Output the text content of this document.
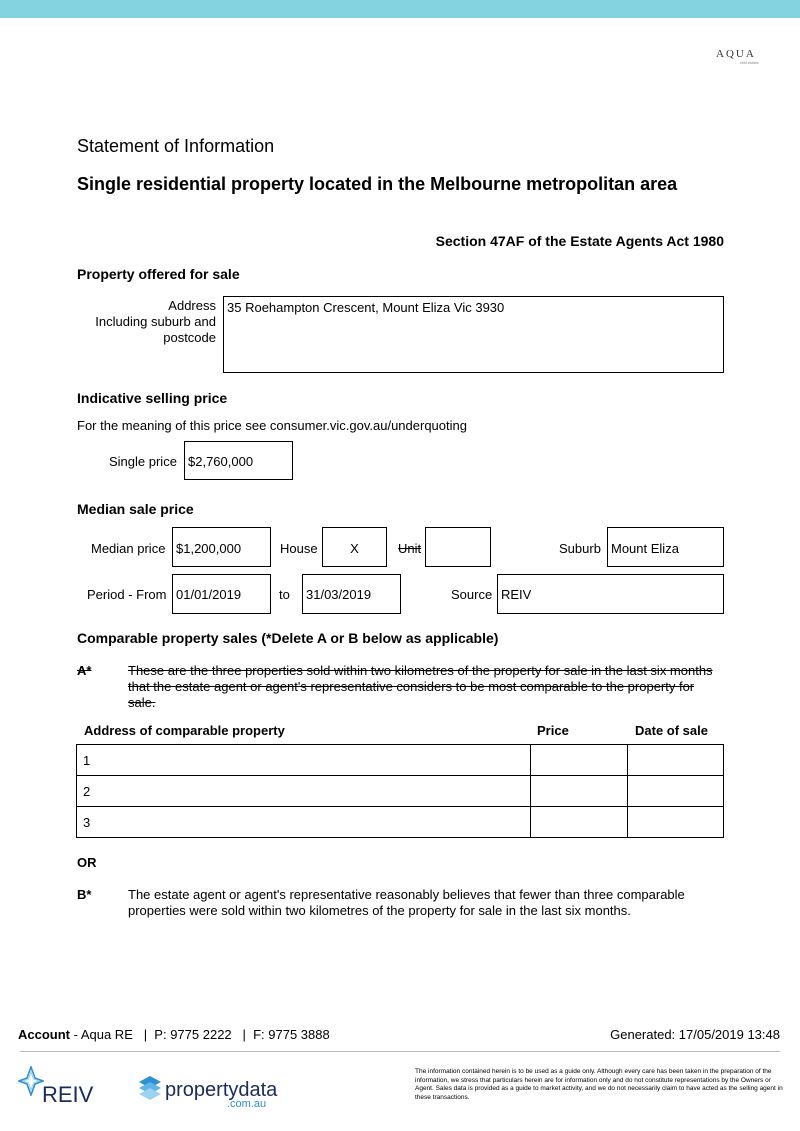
AQUA
real estate
Statement of Information
Single residential property located in the Melbourne metropolitan area
Section 47AF of the Estate Agents Act 1980
Property offered for sale
Address
Including suburb and
postcode
35 Roehampton Crescent, Mount Eliza Vic 3930
Indicative selling price
For the meaning of this price see consumer.vic.gov.au/underquoting
Single price $2,760,000
Median sale price
Median price $1,200,000	House	X	Unit	Suburb Mount Eliza
Period - From 01/01/2019	to	31/03/2019	Source REIV
Comparable property sales (*Delete A or B below as applicable)
A*	These are the three properties sold within two kilometres of the property for sale in the last six months that the estate agent or agent's representative considers to be most comparable to the property for sale.
Address of comparable property	Price	Date of sale
1		
2		
3		
OR
B*	The estate agent or agent's representative reasonably believes that fewer than three comparable properties were sold within two kilometres of the property for sale in the last six months.
Account - Aqua RE   |  P: 9775 2222   |  F: 9775 3888	Generated: 17/05/2019 13:48
REIV	propertydata
.com.au
The information contained herein is to be used as a guide only. Although every care has been taken in the preparation of the information, we stress that particulars herein are for information only and do not constitute representations by the Owners or Agent. Sales data is provided as a guide to market activity, and we do not necessarily claim to have acted as the selling agent in these transactions.
